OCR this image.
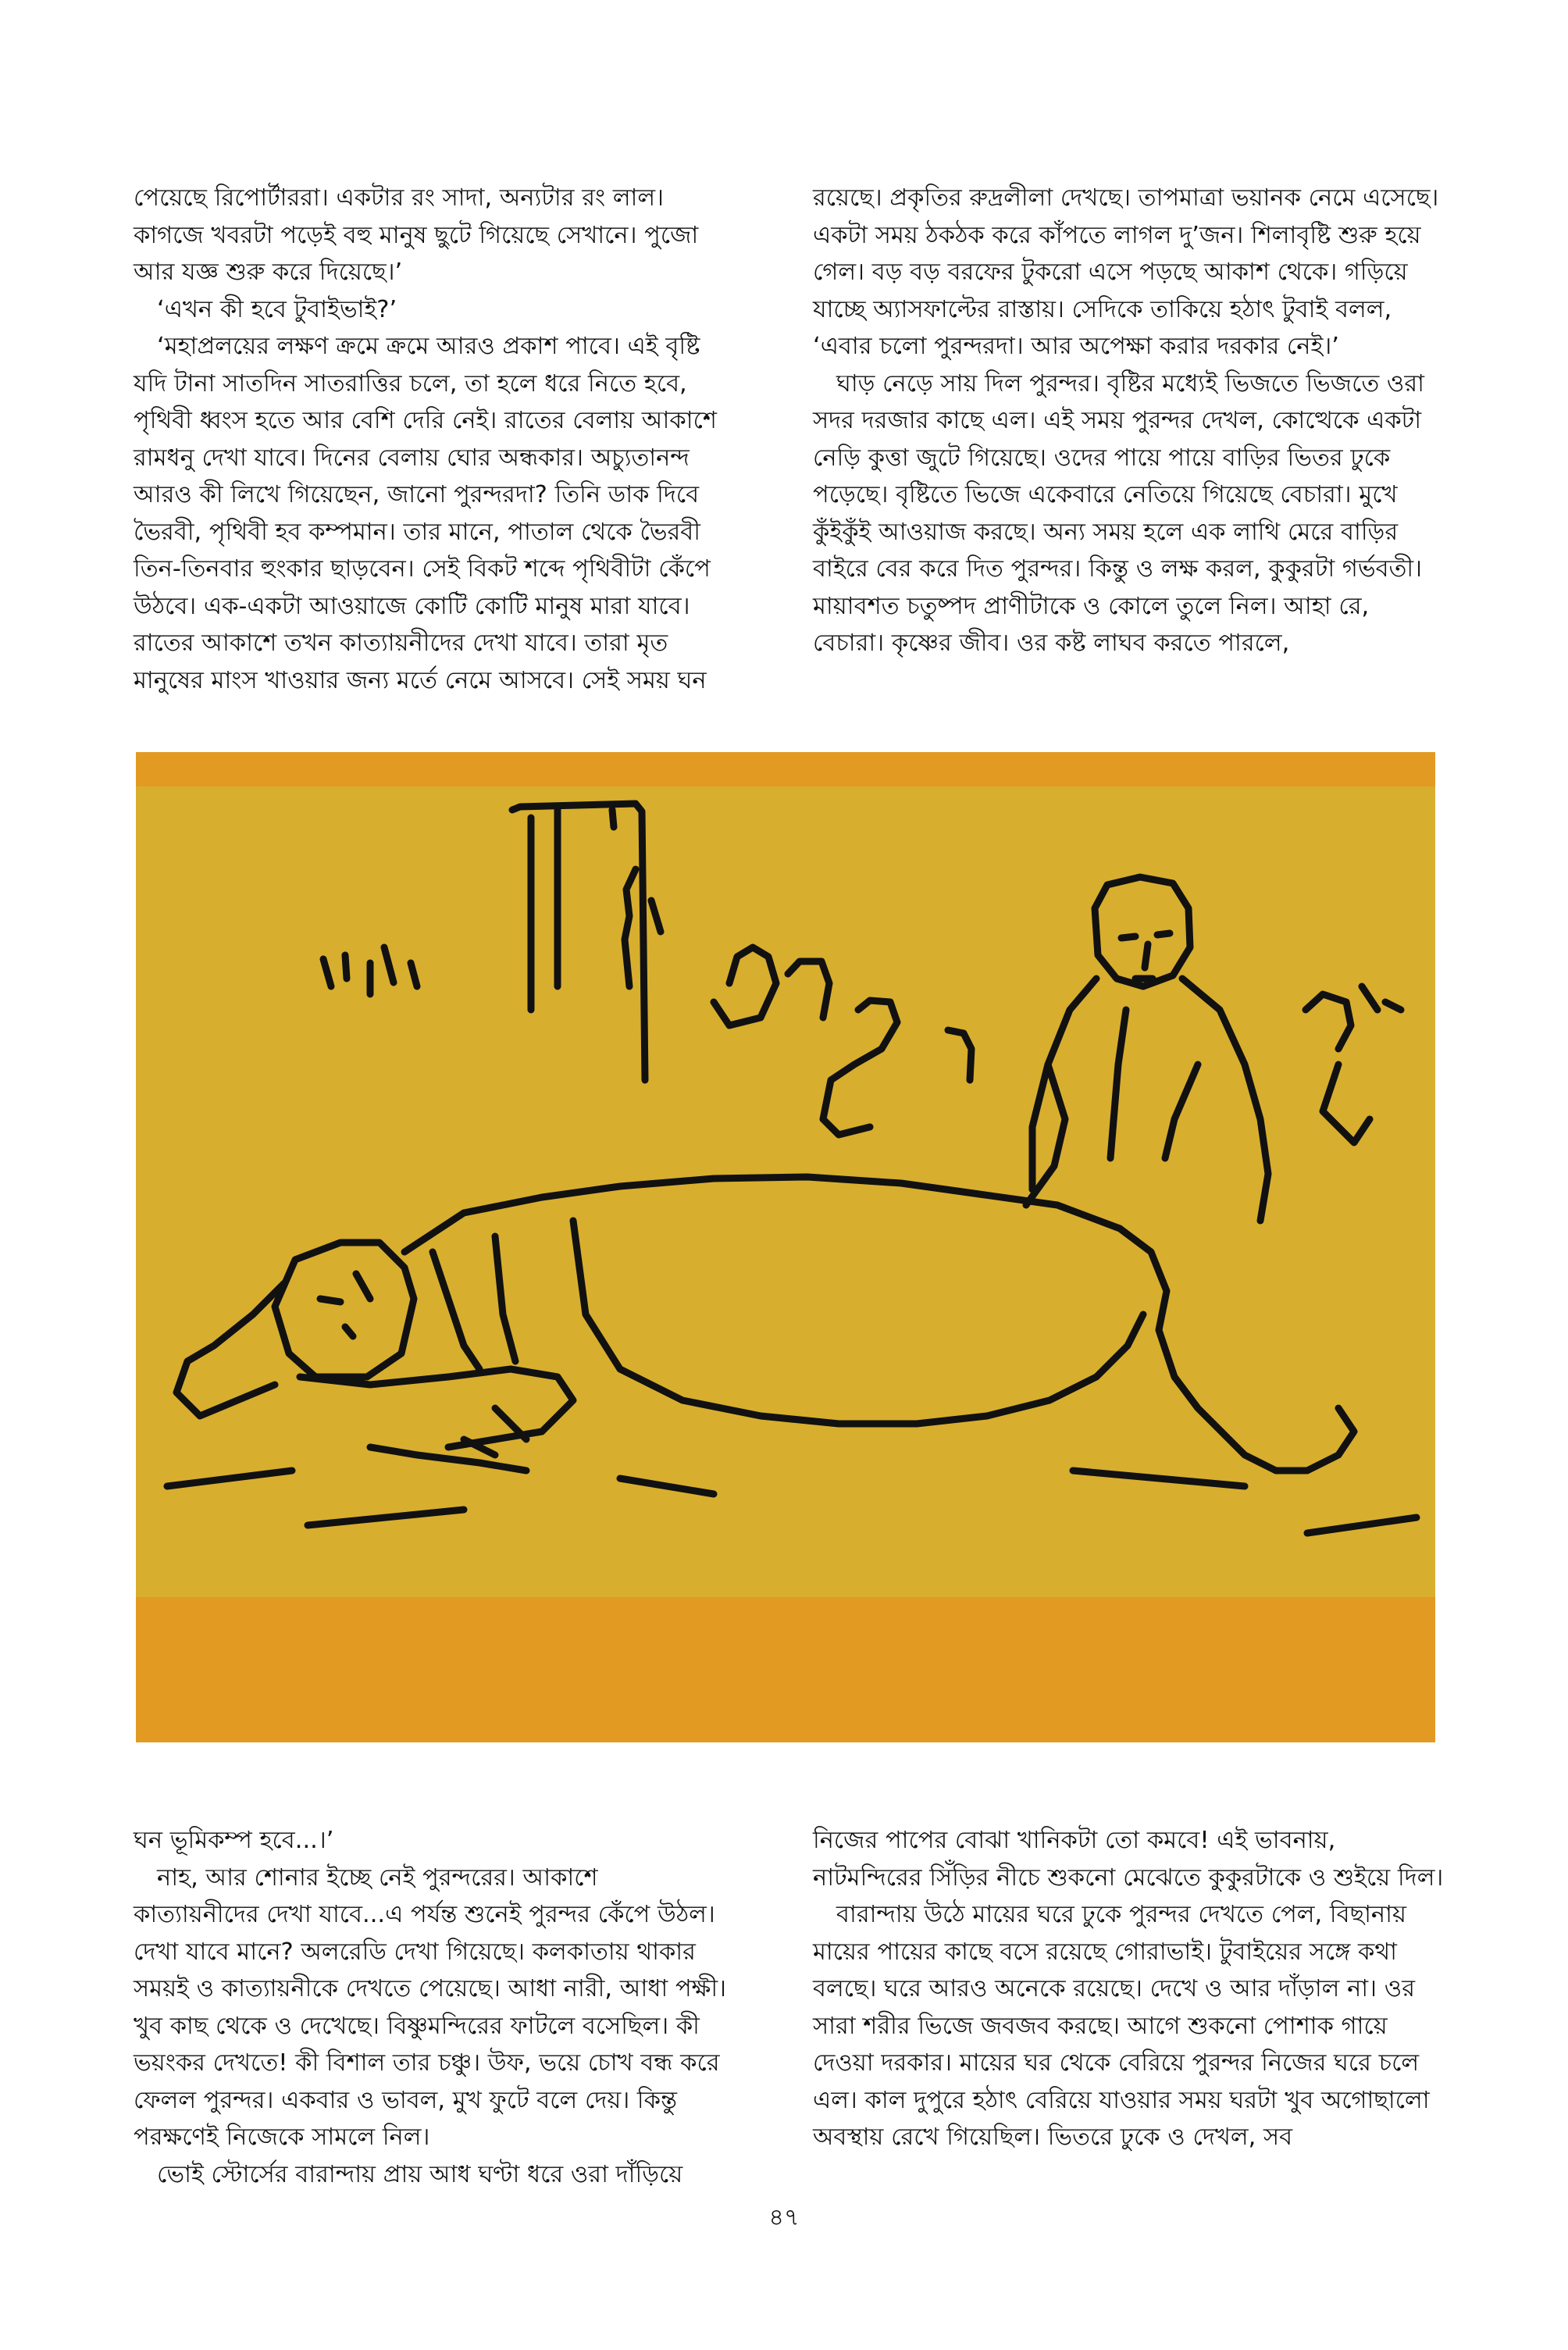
পেয়েছে রিপোর্টাররা। একটার রং সাদা, অন্যটার রং লাল। কাগজে খবরটা পড়েই বহু মানুষ ছুটে গিয়েছে সেখানে। পুজো আর যজ্ঞ শুরু করে দিয়েছে।’

‘এখন কী হবে টুবাইভাই?’

‘মহাপ্রলয়ের লক্ষণ ক্রমে ক্রমে আরও প্রকাশ পাবে। এই বৃষ্টি যদি টানা সাতদিন সাতরাত্তির চলে, তা হলে ধরে নিতে হবে, পৃথিবী ধ্বংস হতে আর বেশি দেরি নেই। রাতের বেলায় আকাশে রামধনু দেখা যাবে। দিনের বেলায় ঘোর অন্ধকার। অচ্যুতানন্দ আরও কী লিখে গিয়েছেন, জানো পুরন্দরদা? তিনি ডাক দিবে ভৈরবী, পৃথিবী হব কম্পমান। তার মানে, পাতাল থেকে ভৈরবী তিন-তিনবার হুংকার ছাড়বেন। সেই বিকট শব্দে পৃথিবীটা কেঁপে উঠবে। এক-একটা আওয়াজে কোটি কোটি মানুষ মারা যাবে। রাতের আকাশে তখন কাত্যায়নীদের দেখা যাবে। তারা মৃত মানুষের মাংস খাওয়ার জন্য মর্তে নেমে আসবে। সেই সময় ঘন

রয়েছে। প্রকৃতির রুদ্রলীলা দেখছে। তাপমাত্রা ভয়ানক নেমে এসেছে। একটা সময় ঠকঠক করে কাঁপতে লাগল দু’জন। শিলাবৃষ্টি শুরু হয়ে গেল। বড় বড় বরফের টুকরো এসে পড়ছে আকাশ থেকে। গড়িয়ে যাচ্ছে অ্যাসফাল্টের রাস্তায়। সেদিকে তাকিয়ে হঠাৎ টুবাই বলল, ‘এবার চলো পুরন্দরদা। আর অপেক্ষা করার দরকার নেই।’

ঘাড় নেড়ে সায় দিল পুরন্দর। বৃষ্টির মধ্যেই ভিজতে ভিজতে ওরা সদর দরজার কাছে এল। এই সময় পুরন্দর দেখল, কোত্থেকে একটা নেড়ি কুত্তা জুটে গিয়েছে। ওদের পায়ে পায়ে বাড়ির ভিতর ঢুকে পড়েছে। বৃষ্টিতে ভিজে একেবারে নেতিয়ে গিয়েছে বেচারা। মুখে কুঁইকুঁই আওয়াজ করছে। অন্য সময় হলে এক লাথি মেরে বাড়ির বাইরে বের করে দিত পুরন্দর। কিন্তু ও লক্ষ করল, কুকুরটা গর্ভবতী। মায়াবশত চতুষ্পদ প্রাণীটাকে ও কোলে তুলে নিল। আহা রে, বেচারা। কৃষ্ণের জীব। ওর কষ্ট লাঘব করতে পারলে,

ঘন ভূমিকম্প হবে...।’

নাহ, আর শোনার ইচ্ছে নেই পুরন্দরের। আকাশে কাত্যায়নীদের দেখা যাবে...এ পর্যন্ত শুনেই পুরন্দর কেঁপে উঠল। দেখা যাবে মানে? অলরেডি দেখা গিয়েছে। কলকাতায় থাকার সময়ই ও কাত্যায়নীকে দেখতে পেয়েছে। আধা নারী, আধা পক্ষী। খুব কাছ থেকে ও দেখেছে। বিষ্ণুমন্দিরের ফাটলে বসেছিল। কী ভয়ংকর দেখতে! কী বিশাল তার চঞ্চু। উফ, ভয়ে চোখ বন্ধ করে ফেলল পুরন্দর। একবার ও ভাবল, মুখ ফুটে বলে দেয়। কিন্তু পরক্ষণেই নিজেকে সামলে নিল।

ভোই স্টোর্সের বারান্দায় প্রায় আধ ঘণ্টা ধরে ওরা দাঁড়িয়ে

নিজের পাপের বোঝা খানিকটা তো কমবে! এই ভাবনায়, নাটমন্দিরের সিঁড়ির নীচে শুকনো মেঝেতে কুকুরটাকে ও শুইয়ে দিল।

বারান্দায় উঠে মায়ের ঘরে ঢুকে পুরন্দর দেখতে পেল, বিছানায় মায়ের পায়ের কাছে বসে রয়েছে গোরাভাই। টুবাইয়ের সঙ্গে কথা বলছে। ঘরে আরও অনেকে রয়েছে। দেখে ও আর দাঁড়াল না। ওর সারা শরীর ভিজে জবজব করছে। আগে শুকনো পোশাক গায়ে দেওয়া দরকার। মায়ের ঘর থেকে বেরিয়ে পুরন্দর নিজের ঘরে চলে এল। কাল দুপুরে হঠাৎ বেরিয়ে যাওয়ার সময় ঘরটা খুব অগোছালো অবস্থায় রেখে গিয়েছিল। ভিতরে ঢুকে ও দেখল, সব

৪৭
